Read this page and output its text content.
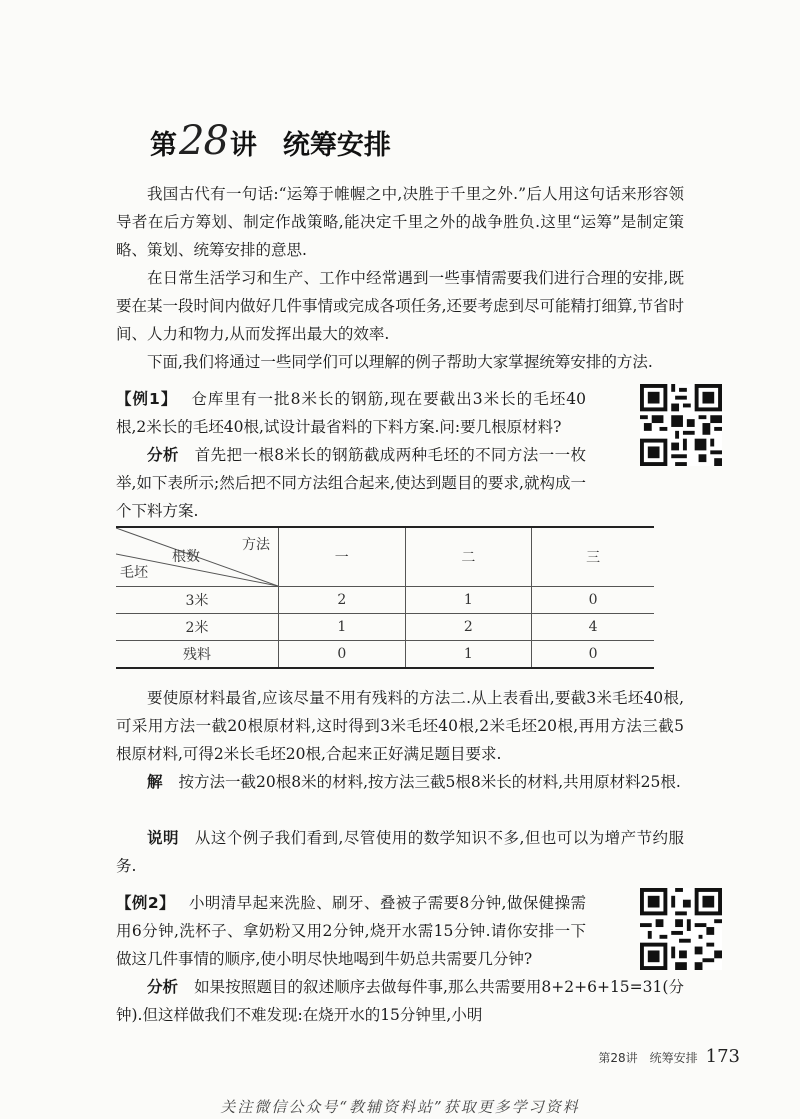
第 28 讲 统筹安排

我国古代有一句话:“运筹于帷幄之中,决胜于千里之外.”后人用这句话来形容领导者在后方筹划、制定作战策略,能决定千里之外的战争胜负.这里“运筹”是制定策略、策划、统筹安排的意思.

在日常生活学习和生产、工作中经常遇到一些事情需要我们进行合理的安排,既要在某一段时间内做好几件事情或完成各项任务,还要考虑到尽可能精打细算,节省时间、人力和物力,从而发挥出最大的效率.

下面,我们将通过一些同学们可以理解的例子帮助大家掌握统筹安排的方法.

【例1】 仓库里有一批8米长的钢筋,现在要截出3米长的毛坯40根,2米长的毛坯40根,试设计最省料的下料方案.问:要几根原材料?

分析 首先把一根8米长的钢筋截成两种毛坯的不同方法一一枚举,如下表所示;然后把不同方法组合起来,使达到题目的要求,就构成一个下料方案.

方法
根数
毛坯	一	二	三
3米	2	1	0
2米	1	2	4
残料	0	1	0

要使原材料最省,应该尽量不用有残料的方法二.从上表看出,要截3米毛坯40根,可采用方法一截20根原材料,这时得到3米毛坯40根,2米毛坯20根,再用方法三截5根原材料,可得2米长毛坯20根,合起来正好满足题目要求.

解 按方法一截20根8米的材料,按方法三截5根8米长的材料,共用原材料25根.

说明 从这个例子我们看到,尽管使用的数学知识不多,但也可以为增产节约服务.

【例2】 小明清早起来洗脸、刷牙、叠被子需要8分钟,做保健操需用6分钟,洗杯子、拿奶粉又用2分钟,烧开水需15分钟.请你安排一下做这几件事情的顺序,使小明尽快地喝到牛奶总共需要几分钟?

分析 如果按照题目的叙述顺序去做每件事,那么共需要用8+2+6+15=31(分钟).但这样做我们不难发现:在烧开水的15分钟里,小明

第28讲　统筹安排 173
关注微信公众号“教辅资料站”获取更多学习资料
